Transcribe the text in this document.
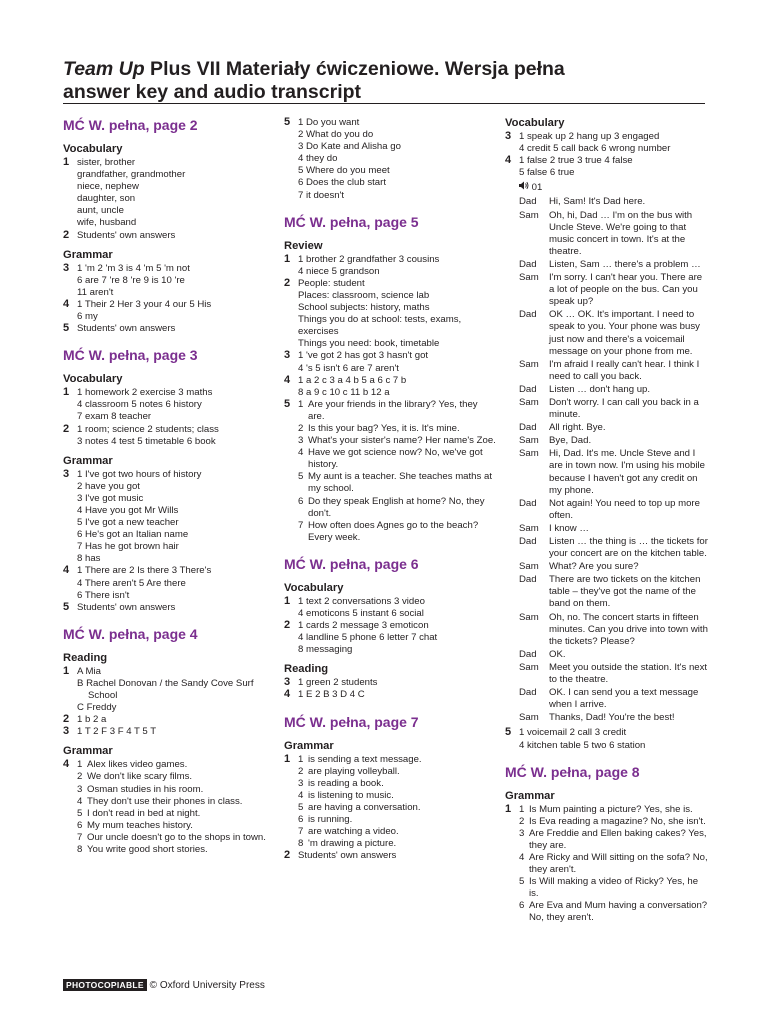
Team Up Plus VII Materiały ćwiczeniowe. Wersja pełna
answer key and audio transcript
MĆ W. pełna, page 2
Vocabulary
1 sister, brother
grandfather, grandmother
niece, nephew
daughter, son
aunt, uncle
wife, husband
2 Students' own answers
Grammar
3 1 'm 2 'm 3 is 4 'm 5 'm not
6 are 7 're 8 're 9 is 10 're
11 aren't
4 1 Their 2 Her 3 your 4 our 5 His
6 my
5 Students' own answers
MĆ W. pełna, page 3
Vocabulary
1 1 homework 2 exercise 3 maths
4 classroom 5 notes 6 history
7 exam 8 teacher
2 1 room; science 2 students; class
3 notes 4 test 5 timetable 6 book
Grammar
3 1 I've got two hours of history
2 have you got
3 I've got music
4 Have you got Mr Wills
5 I've got a new teacher
6 He's got an Italian name
7 Has he got brown hair
8 has
4 1 There are 2 Is there 3 There's
4 There aren't 5 Are there
6 There isn't
5 Students' own answers
MĆ W. pełna, page 4
Reading
1 A Mia
B Rachel Donovan / the Sandy Cove Surf
School
C Freddy
2 1 b 2 a
3 1 T 2 F 3 F 4 T 5 T
Grammar
4 1 Alex likes video games.
2 We don't like scary films.
3 Osman studies in his room.
4 They don't use their phones in class.
5 I don't read in bed at night.
6 My mum teaches history.
7 Our uncle doesn't go to the shops in town.
8 You write good short stories.
5 1 Do you want
2 What do you do
3 Do Kate and Alisha go
4 they do
5 Where do you meet
6 Does the club start
7 it doesn't
MĆ W. pełna, page 5
Review
1 1 brother 2 grandfather 3 cousins
4 niece 5 grandson
2 People: student
Places: classroom, science lab
School subjects: history, maths
Things you do at school: tests, exams,
exercises
Things you need: book, timetable
3 1 've got 2 has got 3 hasn't got
4 's 5 isn't 6 are 7 aren't
4 1 a 2 c 3 a 4 b 5 a 6 c 7 b
8 a 9 c 10 c 11 b 12 a
5 1 Are your friends in the library? Yes, they are.
2 Is this your bag? Yes, it is. It's mine.
3 What's your sister's name? Her name's Zoe.
4 Have we got science now? No, we've got history.
5 My aunt is a teacher. She teaches maths at my school.
6 Do they speak English at home? No, they don't.
7 How often does Agnes go to the beach? Every week.
MĆ W. pełna, page 6
Vocabulary
1 1 text 2 conversations 3 video
4 emoticons 5 instant 6 social
2 1 cards 2 message 3 emoticon
4 landline 5 phone 6 letter 7 chat
8 messaging
Reading
3 1 green 2 students
4 1 E 2 B 3 D 4 C
MĆ W. pełna, page 7
Grammar
1 1 is sending a text message.
2 are playing volleyball.
3 is reading a book.
4 is listening to music.
5 are having a conversation.
6 is running.
7 are watching a video.
8 'm drawing a picture.
2 Students' own answers
Vocabulary
3 1 speak up 2 hang up 3 engaged
4 credit 5 call back 6 wrong number
4 1 false 2 true 3 true 4 false
5 false 6 true
01
Dad	Hi, Sam! It's Dad here.
Sam	Oh, hi, Dad … I'm on the bus with Uncle Steve. We're going to that music concert in town. It's at the theatre.
Dad	Listen, Sam … there's a problem …
Sam	I'm sorry. I can't hear you. There are a lot of people on the bus. Can you speak up?
Dad	OK … OK. It's important. I need to speak to you. Your phone was busy just now and there's a voicemail message on your phone from me.
Sam	I'm afraid I really can't hear. I think I need to call you back.
Dad	Listen … don't hang up.
Sam	Don't worry. I can call you back in a minute.
Dad	All right. Bye.
Sam	Bye, Dad.
Sam	Hi, Dad. It's me. Uncle Steve and I are in town now. I'm using his mobile because I haven't got any credit on my phone.
Dad	Not again! You need to top up more often.
Sam	I know …
Dad	Listen … the thing is … the tickets for your concert are on the kitchen table.
Sam	What? Are you sure?
Dad	There are two tickets on the kitchen table – they've got the name of the band on them.
Sam	Oh, no. The concert starts in fifteen minutes. Can you drive into town with the tickets? Please?
Dad	OK.
Sam	Meet you outside the station. It's next to the theatre.
Dad	OK. I can send you a text message when I arrive.
Sam	Thanks, Dad! You're the best!
5 1 voicemail 2 call 3 credit
4 kitchen table 5 two 6 station
MĆ W. pełna, page 8
Grammar
1 1 Is Mum painting a picture? Yes, she is.
2 Is Eva reading a magazine? No, she isn't.
3 Are Freddie and Ellen baking cakes? Yes, they are.
4 Are Ricky and Will sitting on the sofa? No, they aren't.
5 Is Will making a video of Ricky? Yes, he is.
6 Are Eva and Mum having a conversation? No, they aren't.
PHOTOCOPIABLE © Oxford University Press
